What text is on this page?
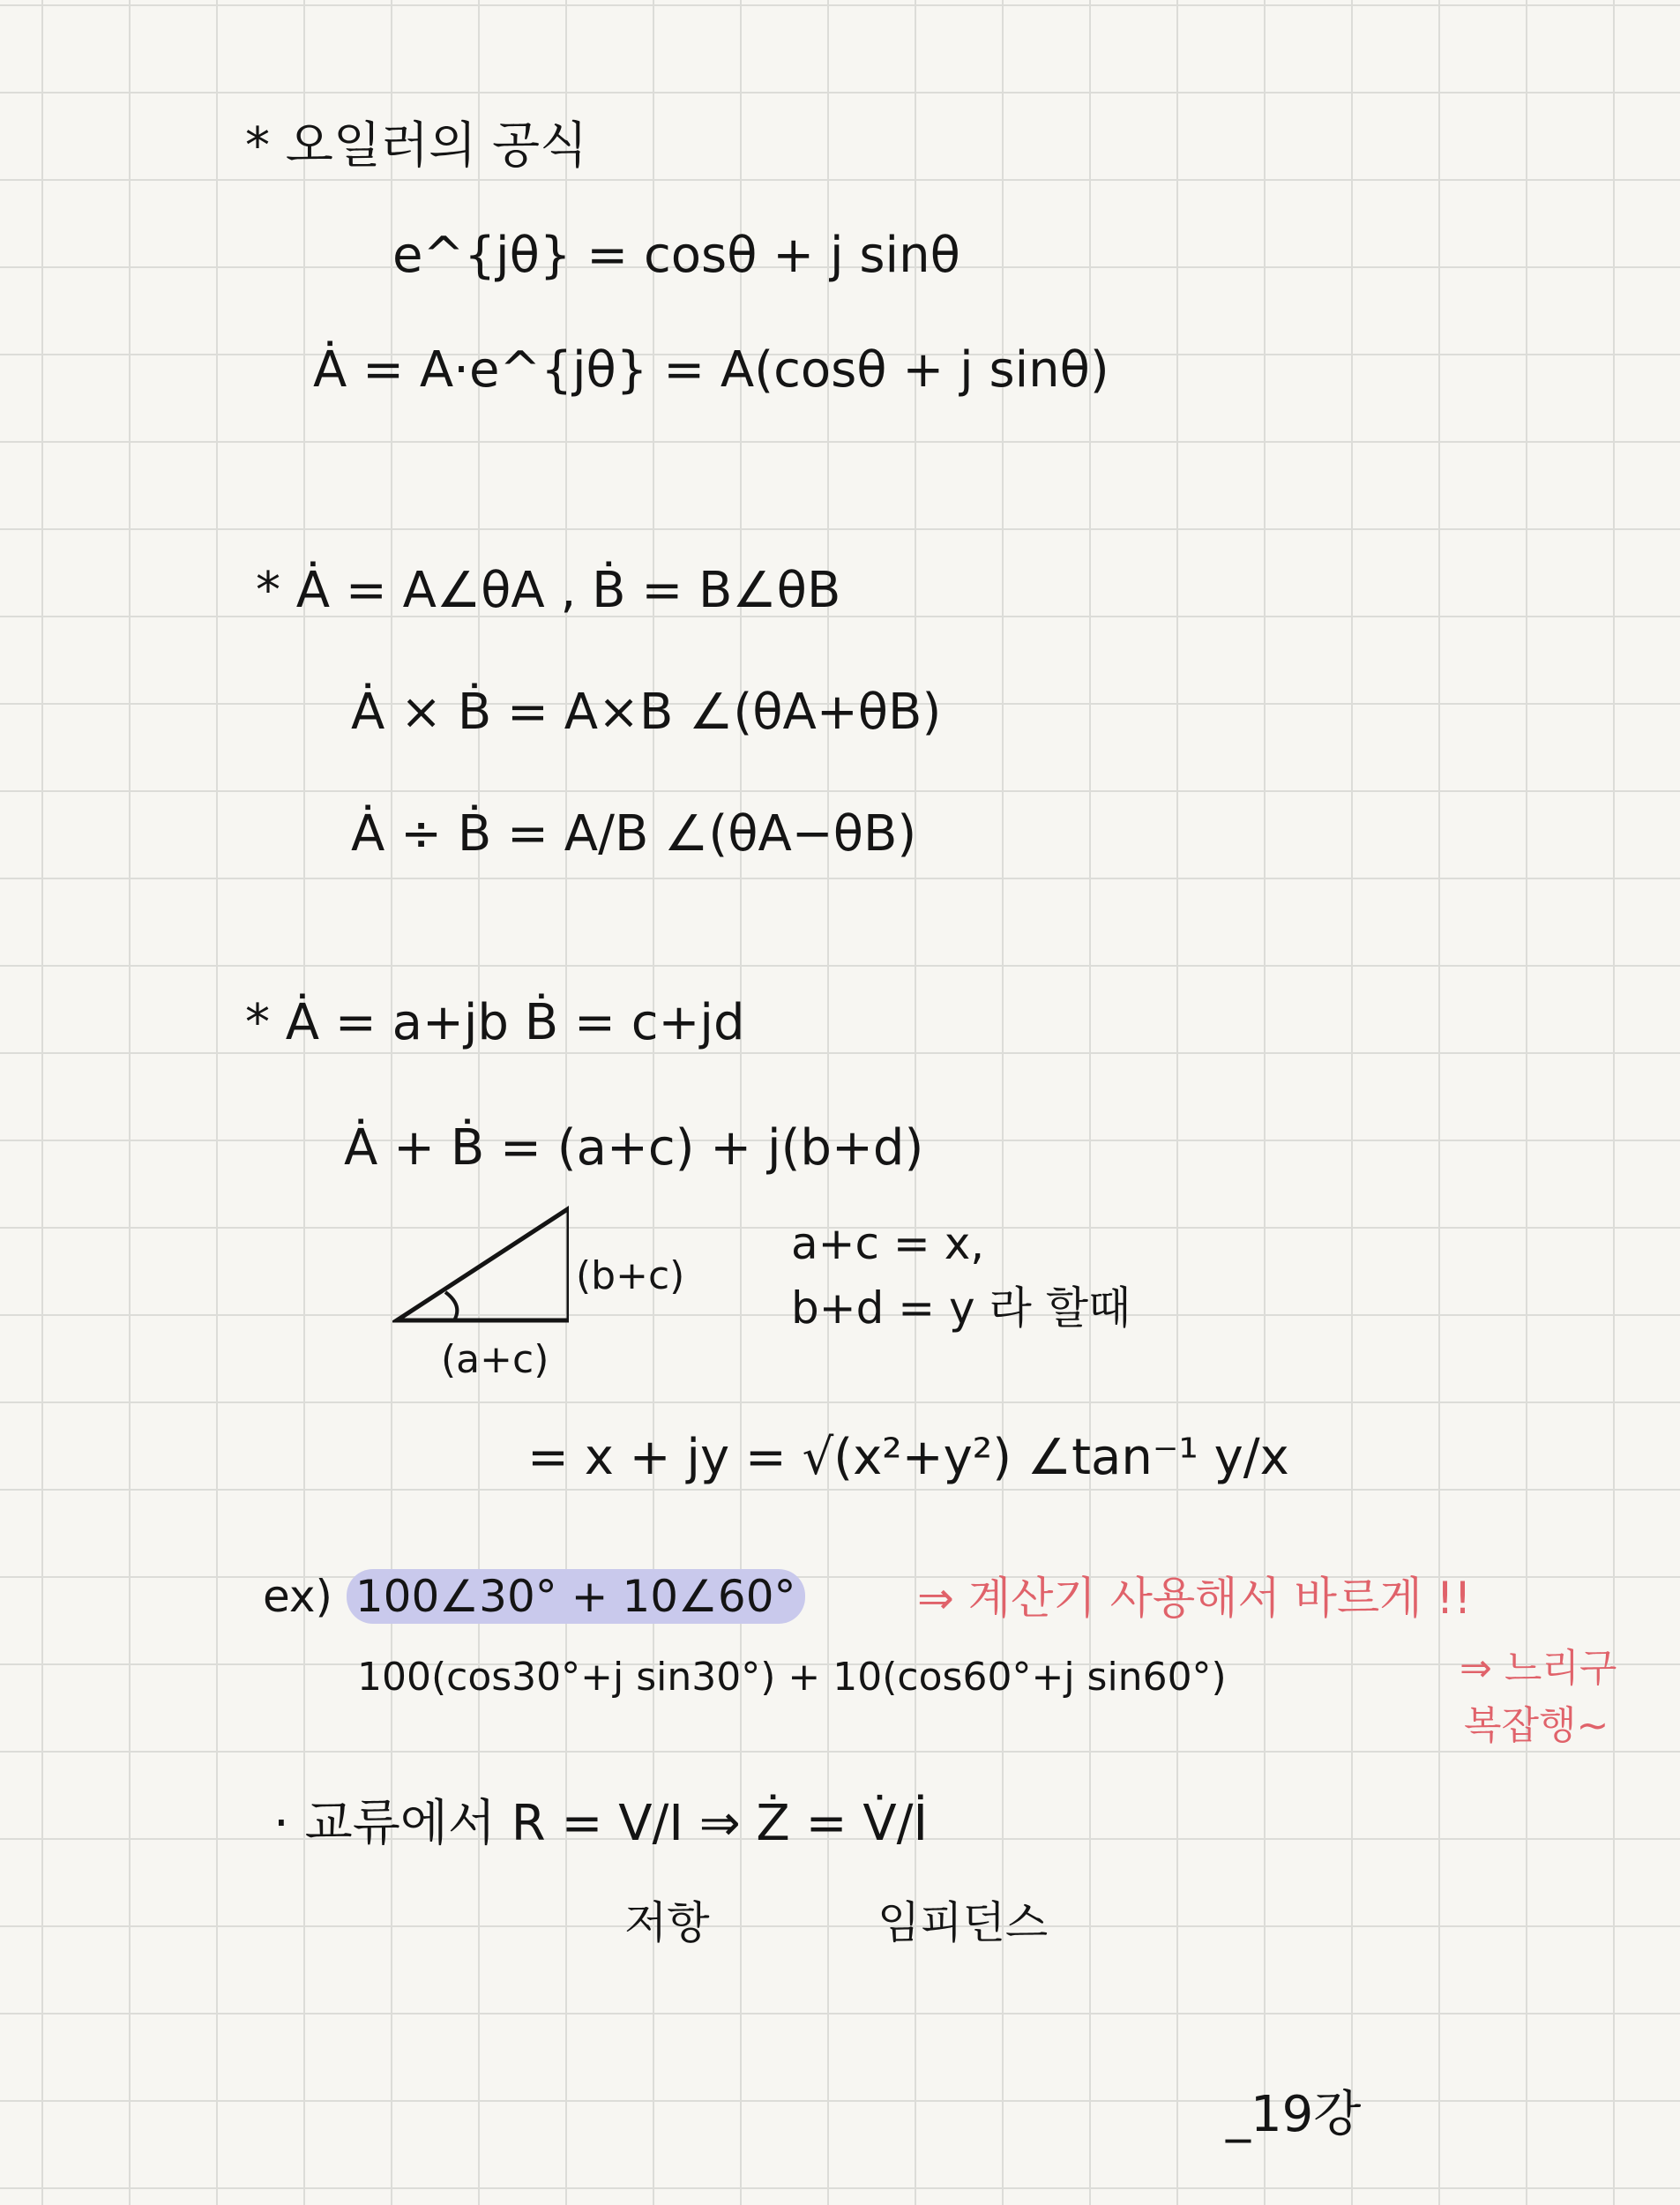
* 오일러의 공식
e^{jθ} = cosθ + j sinθ
Ȧ = A·e^{jθ} = A(cosθ + j sinθ)
* Ȧ = A∠θA , Ḃ = B∠θB
Ȧ × Ḃ = A×B ∠(θA+θB)
Ȧ ÷ Ḃ = A/B ∠(θA−θB)
* Ȧ = a+jb Ḃ = c+jd
Ȧ + Ḃ = (a+c) + j(b+d)
(b+c)
(a+c)
a+c = x,
b+d = y 라 할때
= x + jy = √(x²+y²) ∠tan⁻¹ y/x
ex) 100∠30° + 10∠60°	⇒ 계산기 사용해서 바르게 !!
100(cos30°+j sin30°) + 10(cos60°+j sin60°)	⇒ 느리구
복잡행~
· 교류에서 R = V/I ⇒ Ż = V̇/İ
저항	임피던스
_19강
